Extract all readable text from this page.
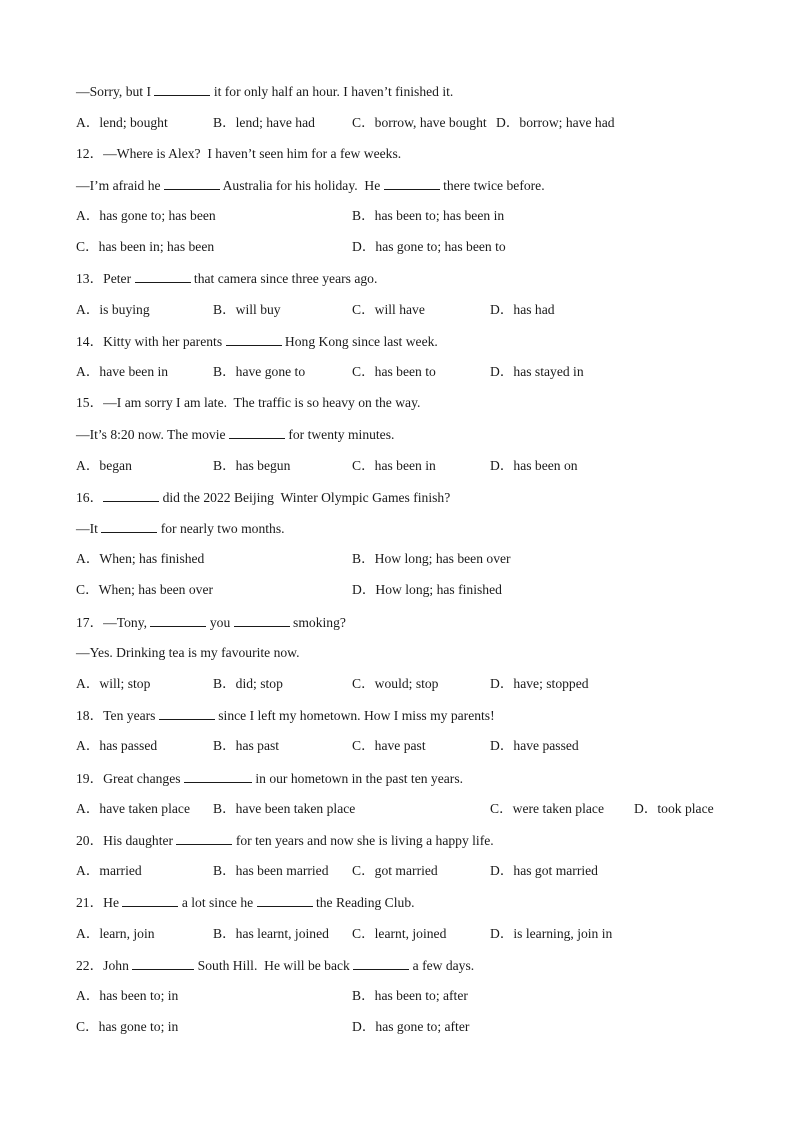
—Sorry, but I	it for only half an hour. I haven’t finished it.
A．lend; bought	B．lend; have had	C．borrow, have bought D．borrow; have had
12．—Where is Alex?  I haven’t seen him for a few weeks.
—I’m afraid he	Australia for his holiday.  He	there twice before.
A．has gone to; has been	B．has been to; has been in
C．has been in; has been	D．has gone to; has been to
13．Peter	that camera since three years ago.
A．is buying	B．will buy	C．will have	D．has had
14．Kitty with her parents	Hong Kong since last week.
A．have been in	B．have gone to	C．has been to	D．has stayed in
15．—I am sorry I am late.  The traffic is so heavy on the way.
—It’s 8:20 now. The movie	for twenty minutes.
A．began	B．has begun	C．has been in	D．has been on
16．	did the 2022 Beijing  Winter Olympic Games finish?
—It	for nearly two months.
A．When; has finished	B．How long; has been over
C．When; has been over	D．How long; has finished
17．—Tony,	you	smoking?
—Yes. Drinking tea is my favourite now.
A．will; stop	B．did; stop	C．would; stop	D．have; stopped
18．Ten years	since I left my hometown. How I miss my parents!
A．has passed	B．has past	C．have past	D．have passed
19．Great changes	in our hometown in the past ten years.
A．have taken place B．have been taken place	C．were taken place D．took place
20．His daughter	for ten years and now she is living a happy life.
A．married	B．has been married C．got married	D．has got married
21．He	a lot since he	the Reading Club.
A．learn, join	B．has learnt, joined C．learnt, joined	D．is learning, join in
22．John	South Hill.  He will be back	a few days.
A．has been to; in	B．has been to; after
C．has gone to; in	D．has gone to; after
